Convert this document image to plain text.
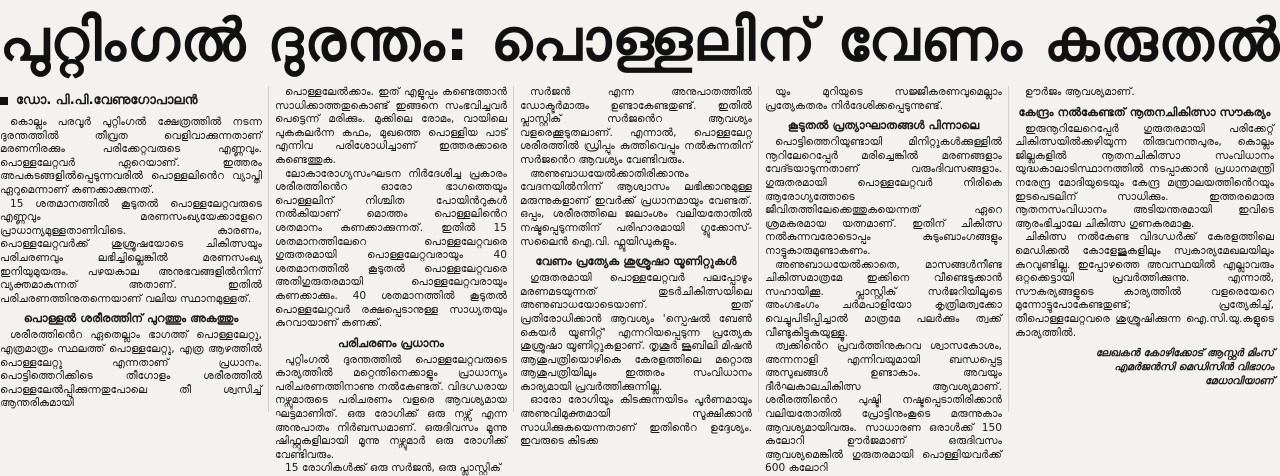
പുറ്റിംഗൽ ദുരന്തം: പൊള്ളലിന് വേണം കരുതൽ
ഡോ. പി.പി.വേണുഗോപാലൻ

കൊല്ലം പരവൂർ പുറ്റിംഗൽ ക്ഷേത്രത്തിൽ നടന്ന ദുരന്തത്തിൽ തീവ്രത വെളിവാക്കുന്നതാണ് മരണനിരക്കും പരിക്കേറ്റവരുടെ എണ്ണവും. പൊള്ളലേറ്റവർ ഏറെയാണ്. ഇത്തരം അപകടങ്ങളിൽപ്പെടുന്നവരിൽ പൊള്ളലിൻെറ വ്യാപ്തി ഏറുമെന്നാണ് കണക്കാക്കുന്നത്.

15 ശതമാനത്തിൽ കൂടുതൽ പൊള്ളലേറ്റവരുടെ എണ്ണവും മരണസംഖ്യയേക്കാളേറെ പ്രാധാന്യമുള്ളതാണിവിടെ. കാരണം, പൊള്ളലേറ്റവർക്ക് ശുശ്രൂഷയോടെ ചികിത്സയും പരിചരണവും ലഭിച്ചില്ലെങ്കിൽ മരണസംഖ്യ ഇനിയുമുയരും. പഴയകാല അനുഭവങ്ങളിൽനിന്ന് വ്യക്തമാകുന്നത് അതാണ്. ഇതിൽ പരിചരണത്തിനുതന്നെയാണ് വലിയ സ്ഥാനമുള്ളത്.

പൊള്ളൽ ശരീരത്തിന് പുറത്തും അകത്തും

ശരീരത്തിൻെറ ഏതെല്ലാം ഭാഗത്ത് പൊള്ളലേറ്റു, എത്രമാത്രം സ്ഥലത്ത് പൊള്ളലേറ്റു, എത്ര ആഴത്തിൽ പൊള്ളലേറ്റു എന്നതാണ് പ്രധാനം. പൊട്ടിത്തെറിക്കിടെ തീഗോളം ശരീരത്തിൽ പൊള്ളലേൽപ്പിക്കുന്നതുപോലെ തീ ശ്വസിച്ച് ആന്തരികമായി

പൊള്ളലേൽക്കാം. ഇത് എളുപ്പം കണ്ടെത്താൻ സാധിക്കാത്തതുകൊണ്ട് ഇങ്ങനെ സംഭവിച്ചവർ പെട്ടെന്ന് മരിക്കും. മുക്കിലെ രോമം, വായിലെ പുകകലർന്ന കഫം, മുഖത്തെ പൊള്ളിയ പാട് എന്നിവ പരിശോധിച്ചാണ് ഇത്തരക്കാരെ കണ്ടെത്തുക.

ലോകാരോഗ്യസംഘടന നിർദേശിച്ച പ്രകാരം ശരീരത്തിൻെറ ഓരോ ഭാഗത്തെയും പൊള്ളലിന് നിശ്ചിത പോയിൻറുകൾ നൽകിയാണ് മൊത്തം പൊള്ളലിൻെറ ശതമാനം കണക്കാക്കുന്നത്. ഇതിൽ 15 ശതമാനത്തിലേറെ പൊള്ളലേറ്റവരെ ഗുരുതരമായി പൊള്ളലേറ്റവരായും 40 ശതമാനത്തിൽ കൂടുതൽ പൊള്ളലേറ്റവരെ അതിഗുരുതരമായി പൊള്ളലേറ്റവരായും കണക്കാക്കും. 40 ശതമാനത്തിൽ കൂടുതൽ പൊള്ളലേറ്റവർ രക്ഷപ്പെടാനുള്ള സാധ്യതയും കുറവായാണ് കണക്ക്.

പരിചരണം പ്രധാനം

പുറ്റിംഗൽ ദുരന്തത്തിൽ പൊള്ളലേറ്റവരുടെ കാര്യത്തിൽ മറ്റെന്തിനെക്കാളും പ്രാധാന്യം പരിചരണത്തിനാണു നൽകേണ്ടത്. വിദഗ്ധരായ നഴ്സുമാരുടെ പരിചരണം വളരെ ആവശ്യമായ ഘട്ടമാണിത്. ഒരു രോഗിക്ക് ഒരു നഴ്സ് എന്ന അനുപാതം നിർബന്ധമാണ്. ഒരുദിവസം മൂന്നു ഷിഫ്റ്റുകളിലായി മൂന്നു നഴ്സുമാർ ഒരു രോഗിക്ക് വേണ്ടിവരും.

15 രോഗികൾക്ക് ഒരു സർജൻ, ഒരു പ്ലാസ്റ്റിക്

സർജൻ എന്ന അനുപാതത്തിൽ ഡോക്ടർമാരും ഉണ്ടാകേണ്ടതുണ്ട്. ഇതിൽ പ്ലാസ്റ്റിക് സർജൻെറ ആവശ്യം വളരെക്കൂടുതലാണ്. എന്നാൽ, പൊള്ളലേറ്റ ശരീരത്തിൽ ഡ്രിപ്പും കുത്തിവെപ്പും നൽകുന്നതിന് സർജൻെറ ആവശ്യം വേണ്ടിവരും.

അണുബാധയേൽക്കാതിരിക്കാനും വേദനയിൽനിന്ന് ആശ്വാസം ലഭിക്കാനുമുള്ള മരുന്നുകളാണ് ഇവർക്ക് പ്രധാനമായും വേണ്ടത്. ഒപ്പം, ശരീരത്തിലെ ജലാംശം വലിയതോതിൽ നഷ്ടപ്പെടുന്നതിന് പരിഹാരമായി ഗ്ലൂക്കോസ്-സലൈൻ ഐ.വി. ഫ്ലൂയിഡുകളും.

വേണം പ്രത്യേക ശുശ്രൂഷാ യൂണിറ്റുകൾ

ഗുരുതരമായി പൊള്ളലേറ്റവർ പലപ്പോഴും മരണമടയുന്നത് തുടർചികിത്സയിലെ അണുബാധയോടെയാണ്. ഇത് പ്രതിരോധിക്കാൻ ആവശ്യം 'സ്പെഷൽ ബേൺ കെയർ യൂണിറ്റ്' എന്നറിയപ്പെടുന്ന പ്രത്യേക ശുശ്രൂഷാ യൂണിറ്റുകളാണ്. തൃശൂർ ജൂബിലി മിഷൻ ആശുപത്രിയൊഴികെ കേരളത്തിലെ മറ്റൊരു ആശുപത്രിയിലും ഇത്തരം സംവിധാനം കാര്യമായി പ്രവർത്തിക്കുന്നില്ല.

ഓരോ രോഗിയും കിടക്കുന്നയിടം പൂർണമായും അണുവിമുക്തമായി സൂക്ഷിക്കാൻ സാധിക്കുകയെന്നതാണ് ഇതിൻെറ ഉദ്ദേശ്യം. ഇവരുടെ കിടക്ക

യും മുറിയുടെ സജ്ജീകരണവുമെല്ലാം പ്രത്യേകതരം നിർദേശിക്കപ്പെടുന്നുണ്ട്.

കൂടുതൽ പ്രത്യാഘാതങ്ങൾ പിന്നാലെ

പൊട്ടിത്തെറിയുണ്ടായി മിനിറ്റുകൾക്കുള്ളിൽ നൂറിലേറെപ്പേർ മരിച്ചെങ്കിൽ മരണങ്ങളാം വേദ്ടയാടുന്നതാണ് വരുംദിവസങ്ങളാം. ഗുരുതരമായി പൊള്ളലേറ്റവർ നിരികെ ആരോഗ്യത്തോടെ ജീവിതത്തിലേക്കെത്തുകയെന്നത് ഏറെ ശ്രമകരമായ യത്നമാണ്. ഇതിന് ചികിത്സ നൽകുന്നവരോടൊപ്പം കുടുംബാംഗങ്ങളും നാട്ടുകാരുമുണ്ടാകണം.

അണുബാധയേൽക്കാതെ, മാസങ്ങൾനീണ്ട ചികിത്സമാത്രമേ ഇക്കിനെ വീണ്ടെടുക്കാൻ സഹായിക്കൂ. പ്ലാസ്റ്റിക് സർജറിയിലൂടെ അംഗഭംഗം ചർമപാളിയോ കൃത്രിമത്വക്കോ വെച്ചുപിടിപ്പിച്ചാൽ മാത്രമേ പലർക്കും ത്വക്ക് വീണ്ടുകിട്ടുകയുള്ളൂ.

ത്വക്കിൻെറ പ്രവർത്തിനുകുറവ ശ്വാസകോശം, അന്നനാളി എന്നിവയുമായി ബന്ധപ്പെട്ട അസുഖങ്ങൾ ഉണ്ടാകാം. അവയും ദീർഘകാലചികിത്സ ആവശ്യമാണ്. ശരീരത്തിൻെറ പുഷ്ടി നഷ്ടപ്പെടാതിരിക്കാൻ വലിയതോതിൽ പ്രോട്ടീനുംകൂടെ മരുന്നുകാം ആവശ്യമായിവരും. സാധാരണ ഒരാൾക്ക് 150 കലോറി ഊർജമാണ് ഒരുദിവസം ആവശ്യമെങ്കിൽ ഗുരുതരമായി പൊള്ളിയവർക്ക് 600 കലോറി

ഊർജം ആവശ്യമാണ്.

കേന്ദ്രം നൽകേണ്ടത് നൂതനചികിത്സാ സൗകര്യം

ഇരുനൂറിലേറെപ്പേർ ഗുരുതരമായി പരിക്കേറ്റ് ചികിത്സയിൽക്കഴിയുന്ന തിരുവനന്തപുരം, കൊല്ലം ജില്ലകളിൽ നൂതനചികിത്സാ സംവിധാനം യുദ്ധകാലാടിസ്ഥാനത്തിൽ നടപ്പാക്കാൻ പ്രധാനമന്ത്രി നരേന്ദ്ര മോദിയുടെയും കേന്ദ്ര മന്ത്രാലയത്തിൻെറയും ഇടപെടലിന് സാധിക്കും. ഇത്തരമൊരു നൂതനസംവിധാനം അടിയന്തരമായി ഇവിടെ ആരംഭിച്ചാലേ ചികിത്സ ഗുണകരമാകൂ.

ചികിത്സ നൽകേണ്ട വിദഗ്ധർക്ക് കേരളത്തിലെ മെഡിക്കൽ കോളേജുകളിലും സ്വകാര്യമേഖലയിലും കുറവുണ്ടില്ല. ഇപ്പോഴത്തെ അവസ്ഥയിൽ എല്ലാവരും ഒറ്റക്കെട്ടായി പ്രവർത്തിക്കുന്നു. എന്നാൽ, സൗകര്യങ്ങളുടെ കാര്യത്തിൽ വളരെയേറെ മുന്നോട്ടുപോകേണ്ടതുണ്ട്; പ്രത്യേകിച്ച്, തീപൊള്ളലേറ്റവരെ ശുശ്രൂഷിക്കുന്ന ഐ.സി.യു.കളുടെ കാര്യത്തിൽ.

ലേഖകൻ കോഴിക്കോട് ആസ്റ്റർ മിംസ്
എമർജൻസി മെഡിസിൻ വിഭാഗം
മേധാവിയാണ്
